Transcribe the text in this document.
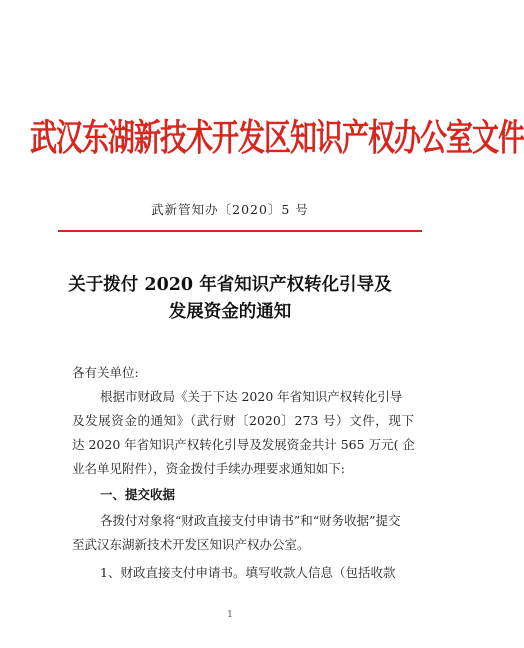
武汉东湖新技术开发区知识产权办公室文件
武新管知办〔2020〕5 号
关于拨付 2020 年省知识产权转化引导及
发展资金的通知
各有关单位:
根据市财政局《关于下达 2020 年省知识产权转化引导
及发展资金的通知》（武行财〔2020〕273 号）文件，现下
达 2020 年省知识产权转化引导及发展资金共计 565 万元( 企
业名单见附件），资金拨付手续办理要求通知如下:
一、提交收据
各拨付对象将“财政直接支付申请书”和“财务收据”提交
至武汉东湖新技术开发区知识产权办公室。
1、财政直接支付申请书。填写收款人信息（包括收款
1
